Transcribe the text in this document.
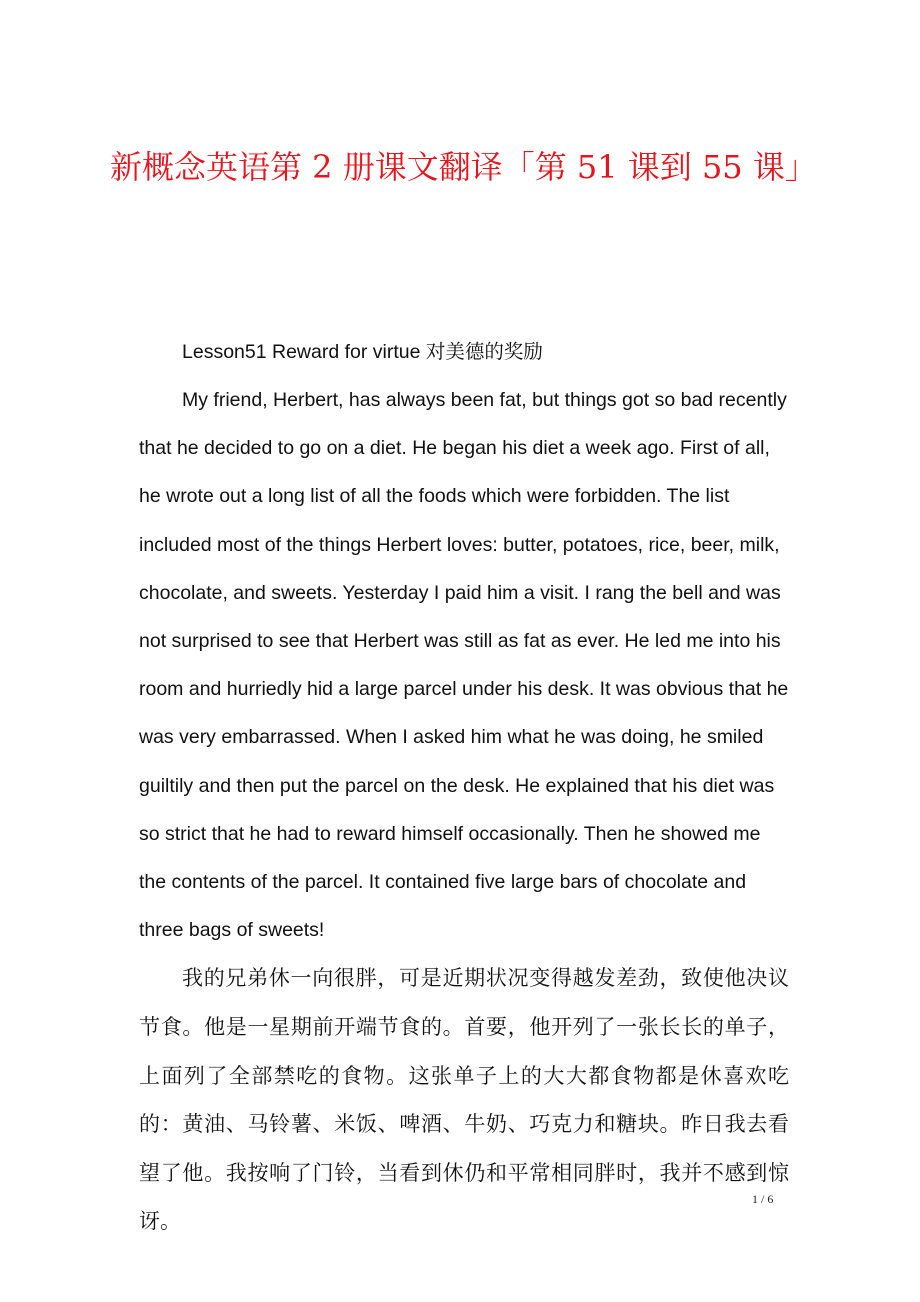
新概念英语第 2 册课文翻译「第 51 课到 55 课」

Lesson51 Reward for virtue 对美德的奖励

My friend, Herbert, has always been fat, but things got so bad recently that he decided to go on a diet. He began his diet a week ago. First of all, he wrote out a long list of all the foods which were forbidden. The list included most of the things Herbert loves: butter, potatoes, rice, beer, milk, chocolate, and sweets. Yesterday I paid him a visit. I rang the bell and was not surprised to see that Herbert was still as fat as ever. He led me into his room and hurriedly hid a large parcel under his desk. It was obvious that he was very embarrassed. When I asked him what he was doing, he smiled guiltily and then put the parcel on the desk. He explained that his diet was so strict that he had to reward himself occasionally. Then he showed me the contents of the parcel. It contained five large bars of chocolate and three bags of sweets!

我的兄弟休一向很胖，可是近期状况变得越发差劲，致使他决议节食。他是一星期前开端节食的。首要，他开列了一张长长的单子，上面列了全部禁吃的食物。这张单子上的大大都食物都是休喜欢吃的：黄油、马铃薯、米饭、啤酒、牛奶、巧克力和糖块。昨日我去看望了他。我按响了门铃，当看到休仍和平常相同胖时，我并不感到惊讶。

1 / 6
